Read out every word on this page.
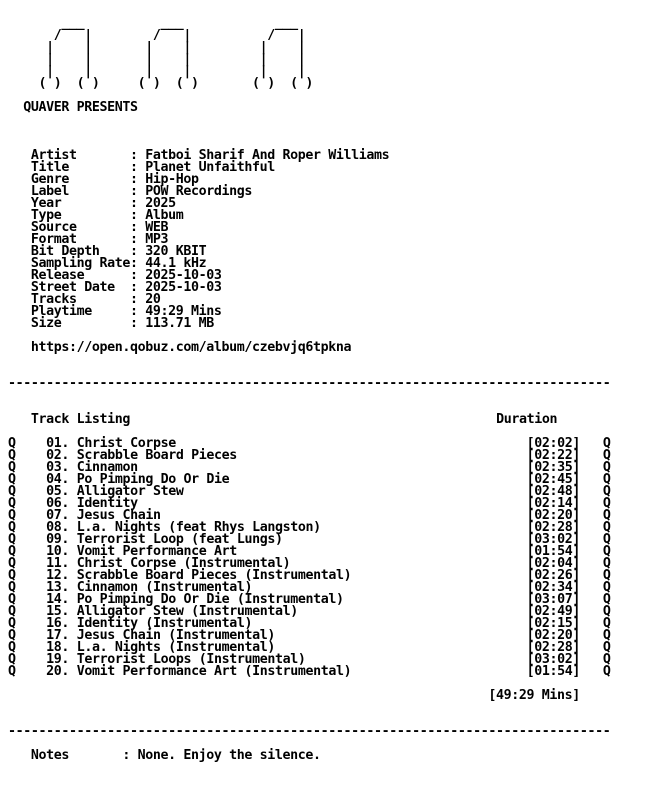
___          ___            ___
/   |        /   |          /   |
|    |       |    |         |    |
|    |       |    |         |    |
|    |       |    |         |    |
( )  ( )     ( )  ( )       ( )  ( )

QUAVER PRESENTS

Artist       : Fatboi Sharif And Roper Williams
Title        : Planet Unfaithful
Genre        : Hip-Hop
Label        : POW Recordings
Year         : 2025
Type         : Album
Source       : WEB
Format       : MP3
Bit Depth    : 320 KBIT
Sampling Rate: 44.1 kHz
Release      : 2025-10-03
Street Date  : 2025-10-03
Tracks       : 20
Playtime     : 49:29 Mins
Size         : 113.71 MB

https://open.qobuz.com/album/czebvjq6tpkna

-------------------------------------------------------------------------------

Track Listing	Duration

Q 01. Christ Corpse	[02:02] Q
Q 02. Scrabble Board Pieces	[02:22] Q
Q 03. Cinnamon	[02:35] Q
Q 04. Po Pimping Do Or Die	[02:45] Q
Q 05. Alligator Stew	[02:48] Q
Q 06. Identity	[02:14] Q
Q 07. Jesus Chain	[02:20] Q
Q 08. L.a. Nights (feat Rhys Langston)	[02:28] Q
Q 09. Terrorist Loop (feat Lungs)	[03:02] Q
Q 10. Vomit Performance Art	[01:54] Q
Q 11. Christ Corpse (Instrumental)	[02:04] Q
Q 12. Scrabble Board Pieces (Instrumental)	[02:26] Q
Q 13. Cinnamon (Instrumental)	[02:34] Q
Q 14. Po Pimping Do Or Die (Instrumental)	[03:07] Q
Q 15. Alligator Stew (Instrumental)	[02:49] Q
Q 16. Identity (Instrumental)	[02:15] Q
Q 17. Jesus Chain (Instrumental)	[02:20] Q
Q 18. L.a. Nights (Instrumental)	[02:28] Q
Q 19. Terrorist Loops (Instrumental)	[03:02] Q
Q 20. Vomit Performance Art (Instrumental)	[01:54] Q

[49:29 Mins]

-------------------------------------------------------------------------------

Notes       : None. Enjoy the silence.
